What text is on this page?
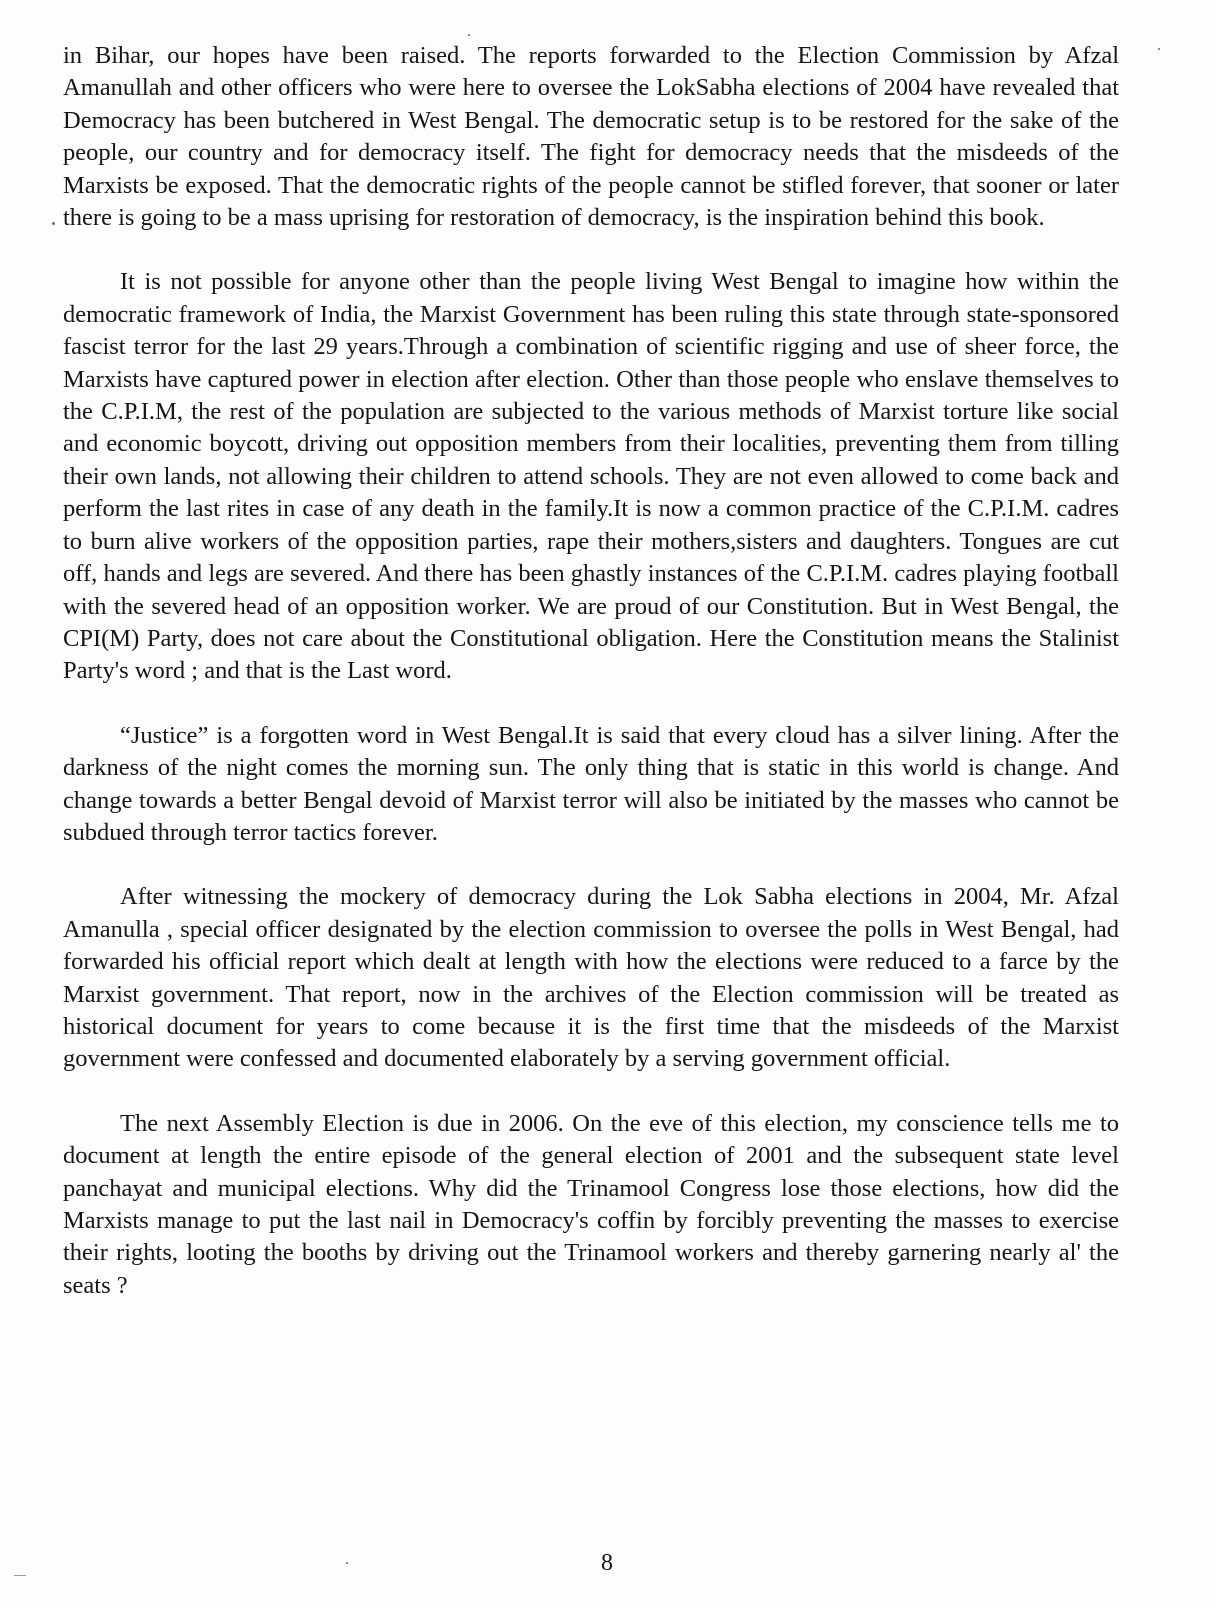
in Bihar, our hopes have been raised. The reports forwarded to the Election Commission by Afzal Amanullah and other officers who were here to oversee the LokSabha elections of 2004 have revealed that Democracy has been butchered in West Bengal. The democratic setup is to be restored for the sake of the people, our country and for democracy itself. The fight for democracy needs that the misdeeds of the Marxists be exposed. That the democratic rights of the people cannot be stifled forever, that sooner or later there is going to be a mass uprising for restoration of democracy, is the inspiration behind this book.

It is not possible for anyone other than the people living West Bengal to imagine how within the democratic framework of India, the Marxist Government has been ruling this state through state-sponsored fascist terror for the last 29 years.Through a combination of scientific rigging and use of sheer force, the Marxists have captured power in election after election. Other than those people who enslave themselves to the C.P.I.M, the rest of the population are subjected to the various methods of Marxist torture like social and economic boycott, driving out opposition members from their localities, preventing them from tilling their own lands, not allowing their children to attend schools. They are not even allowed to come back and perform the last rites in case of any death in the family.It is now a common practice of the C.P.I.M. cadres to burn alive workers of the opposition parties, rape their mothers,sisters and daughters. Tongues are cut off, hands and legs are severed. And there has been ghastly instances of the C.P.I.M. cadres playing football with the severed head of an opposition worker. We are proud of our Constitution. But in West Bengal, the CPI(M) Party, does not care about the Constitutional obligation. Here the Constitution means the Stalinist Party's word ; and that is the Last word.

“Justice” is a forgotten word in West Bengal.It is said that every cloud has a silver lining. After the darkness of the night comes the morning sun. The only thing that is static in this world is change. And change towards a better Bengal devoid of Marxist terror will also be initiated by the masses who cannot be subdued through terror tactics forever.

After witnessing the mockery of democracy during the Lok Sabha elections in 2004, Mr. Afzal Amanulla , special officer designated by the election commission to oversee the polls in West Bengal, had forwarded his official report which dealt at length with how the elections were reduced to a farce by the Marxist government. That report, now in the archives of the Election commission will be treated as historical document for years to come because it is the first time that the misdeeds of the Marxist government were confessed and documented elaborately by a serving government official.

The next Assembly Election is due in 2006. On the eve of this election, my conscience tells me to document at length the entire episode of the general election of 2001 and the subsequent state level panchayat and municipal elections. Why did the Trinamool Congress lose those elections, how did the Marxists manage to put the last nail in Democracy's coffin by forcibly preventing the masses to exercise their rights, looting the booths by driving out the Trinamool workers and thereby garnering nearly al' the seats ?

8
